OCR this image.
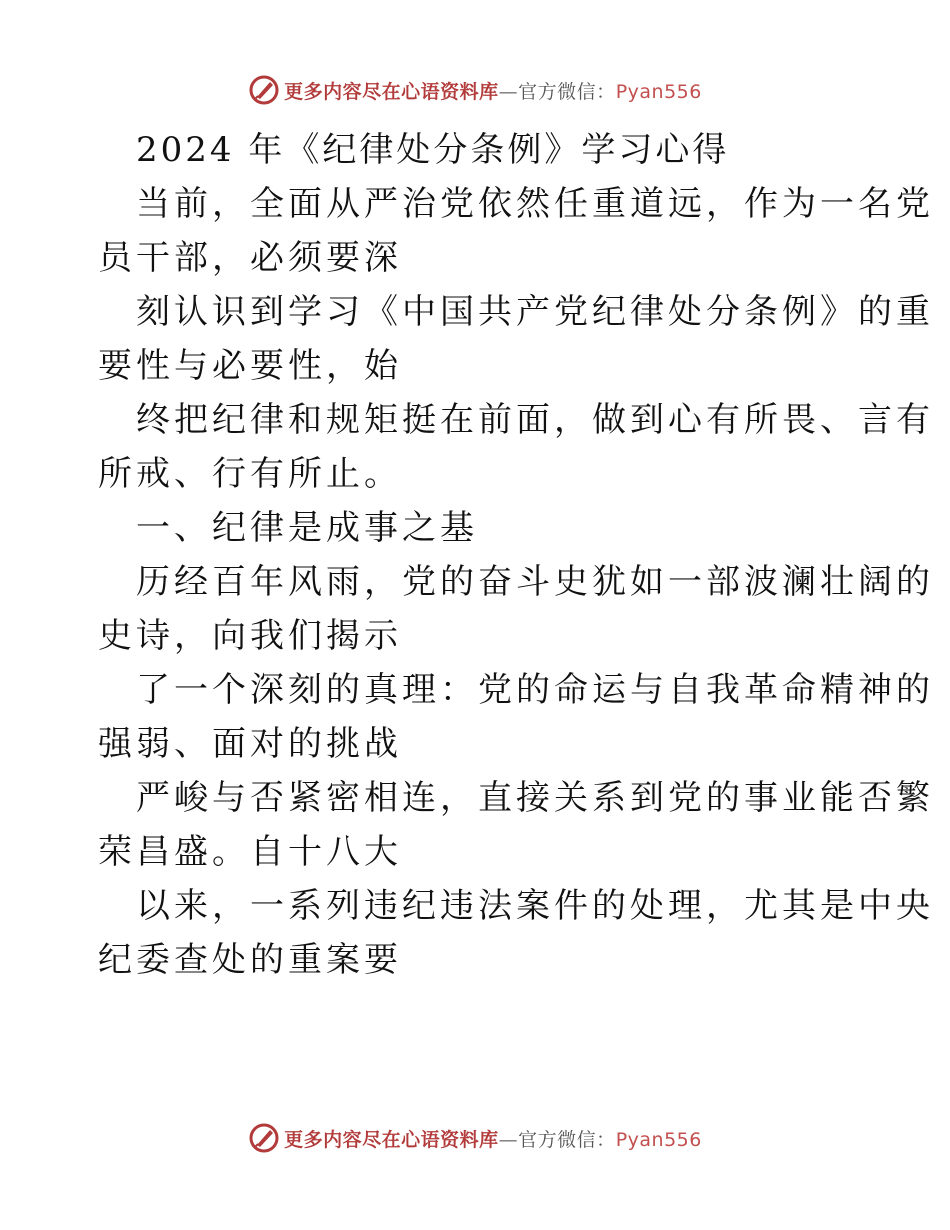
更多内容尽在心语资料库—官方微信：Pyan556

2024 年《纪律处分条例》学习心得

当前，全面从严治党依然任重道远，作为一名党

员干部，必须要深

刻认识到学习《中国共产党纪律处分条例》的重

要性与必要性，始

终把纪律和规矩挺在前面，做到心有所畏、言有

所戒、行有所止。

一、纪律是成事之基

历经百年风雨，党的奋斗史犹如一部波澜壮阔的

史诗，向我们揭示

了一个深刻的真理：党的命运与自我革命精神的

强弱、面对的挑战

严峻与否紧密相连，直接关系到党的事业能否繁

荣昌盛。自十八大

以来，一系列违纪违法案件的处理，尤其是中央

纪委查处的重案要

更多内容尽在心语资料库—官方微信：Pyan556
